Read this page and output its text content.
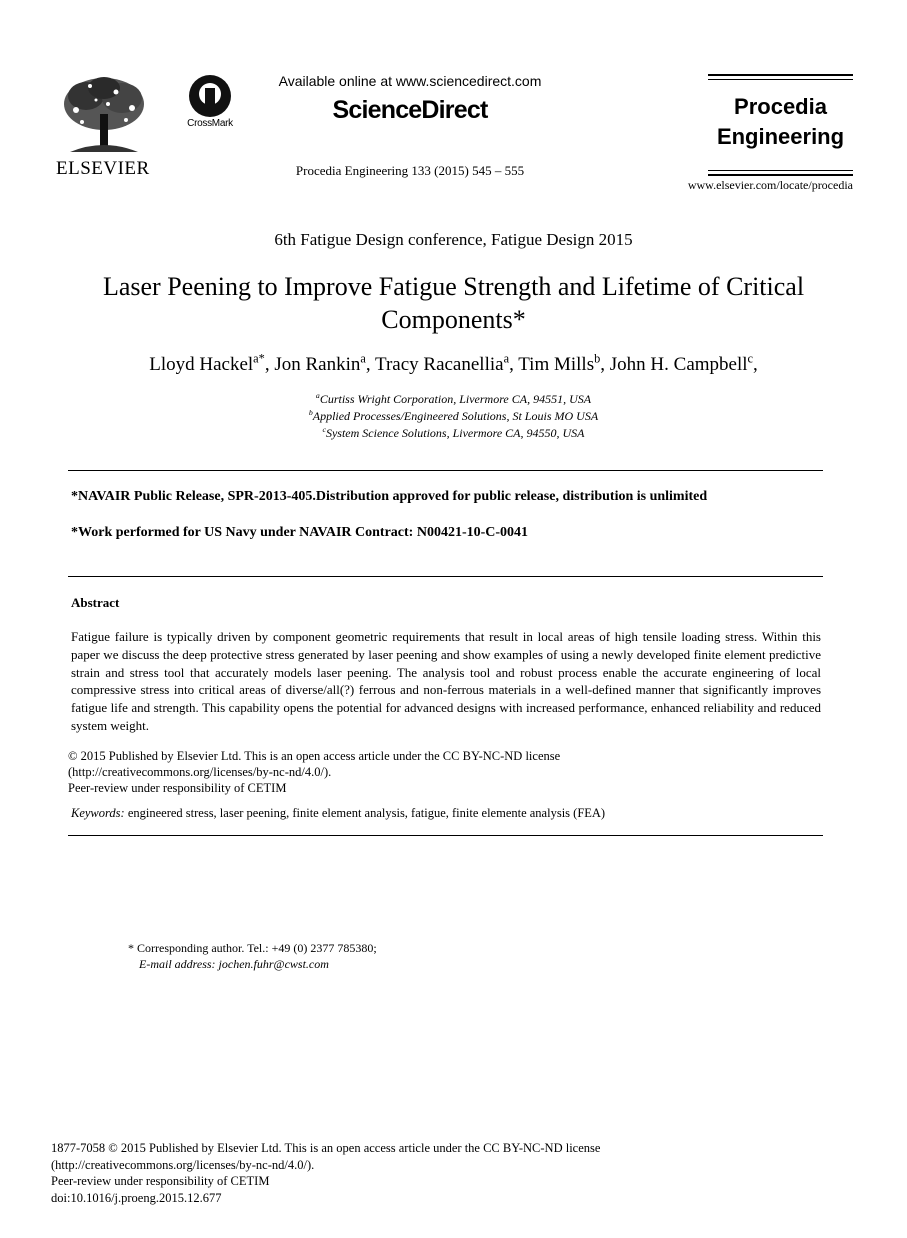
ELSEVIER
CrossMark
Available online at www.sciencedirect.com
ScienceDirect
Procedia Engineering 133 (2015) 545 – 555
Procedia
Engineering
www.elsevier.com/locate/procedia
6th Fatigue Design conference, Fatigue Design 2015
Laser Peening to Improve Fatigue Strength and Lifetime of Critical
Components*
Lloyd Hackel$^{a*}$, Jon Rankin$^a$, Tracy Racanellia$^a$, Tim Mills$^b$, John H. Campbell$^c$,
$^a$Curtiss Wright Corporation, Livermore CA, 94551, USA
$^b$Applied Processes/Engineered Solutions, St Louis MO USA
$^c$System Science Solutions, Livermore CA, 94550, USA
*NAVAIR Public Release, SPR-2013-405.Distribution approved for public release, distribution is unlimited
*Work performed for US Navy under NAVAIR Contract: N00421-10-C-0041
Abstract
Fatigue failure is typically driven by component geometric requirements that result in local areas of high tensile loading stress. Within this paper we discuss the deep protective stress generated by laser peening and show examples of using a newly developed finite element predictive strain and stress tool that accurately models laser peening. The analysis tool and robust process enable the accurate engineering of local compressive stress into critical areas of diverse/all(?) ferrous and non-ferrous materials in a well-defined manner that significantly improves fatigue life and strength. This capability opens the potential for advanced designs with increased performance, enhanced reliability and reduced system weight.
© 2015 Published by Elsevier Ltd. This is an open access article under the CC BY-NC-ND license
(http://creativecommons.org/licenses/by-nc-nd/4.0/).
Peer-review under responsibility of CETIM
Keywords: engineered stress, laser peening, finite element analysis, fatigue, finite elemente analysis (FEA)
* Corresponding author. Tel.: +49 (0) 2377 785380;
E-mail address: jochen.fuhr@cwst.com
1877-7058 © 2015 Published by Elsevier Ltd. This is an open access article under the CC BY-NC-ND license
(http://creativecommons.org/licenses/by-nc-nd/4.0/).
Peer-review under responsibility of CETIM
doi:10.1016/j.proeng.2015.12.677
